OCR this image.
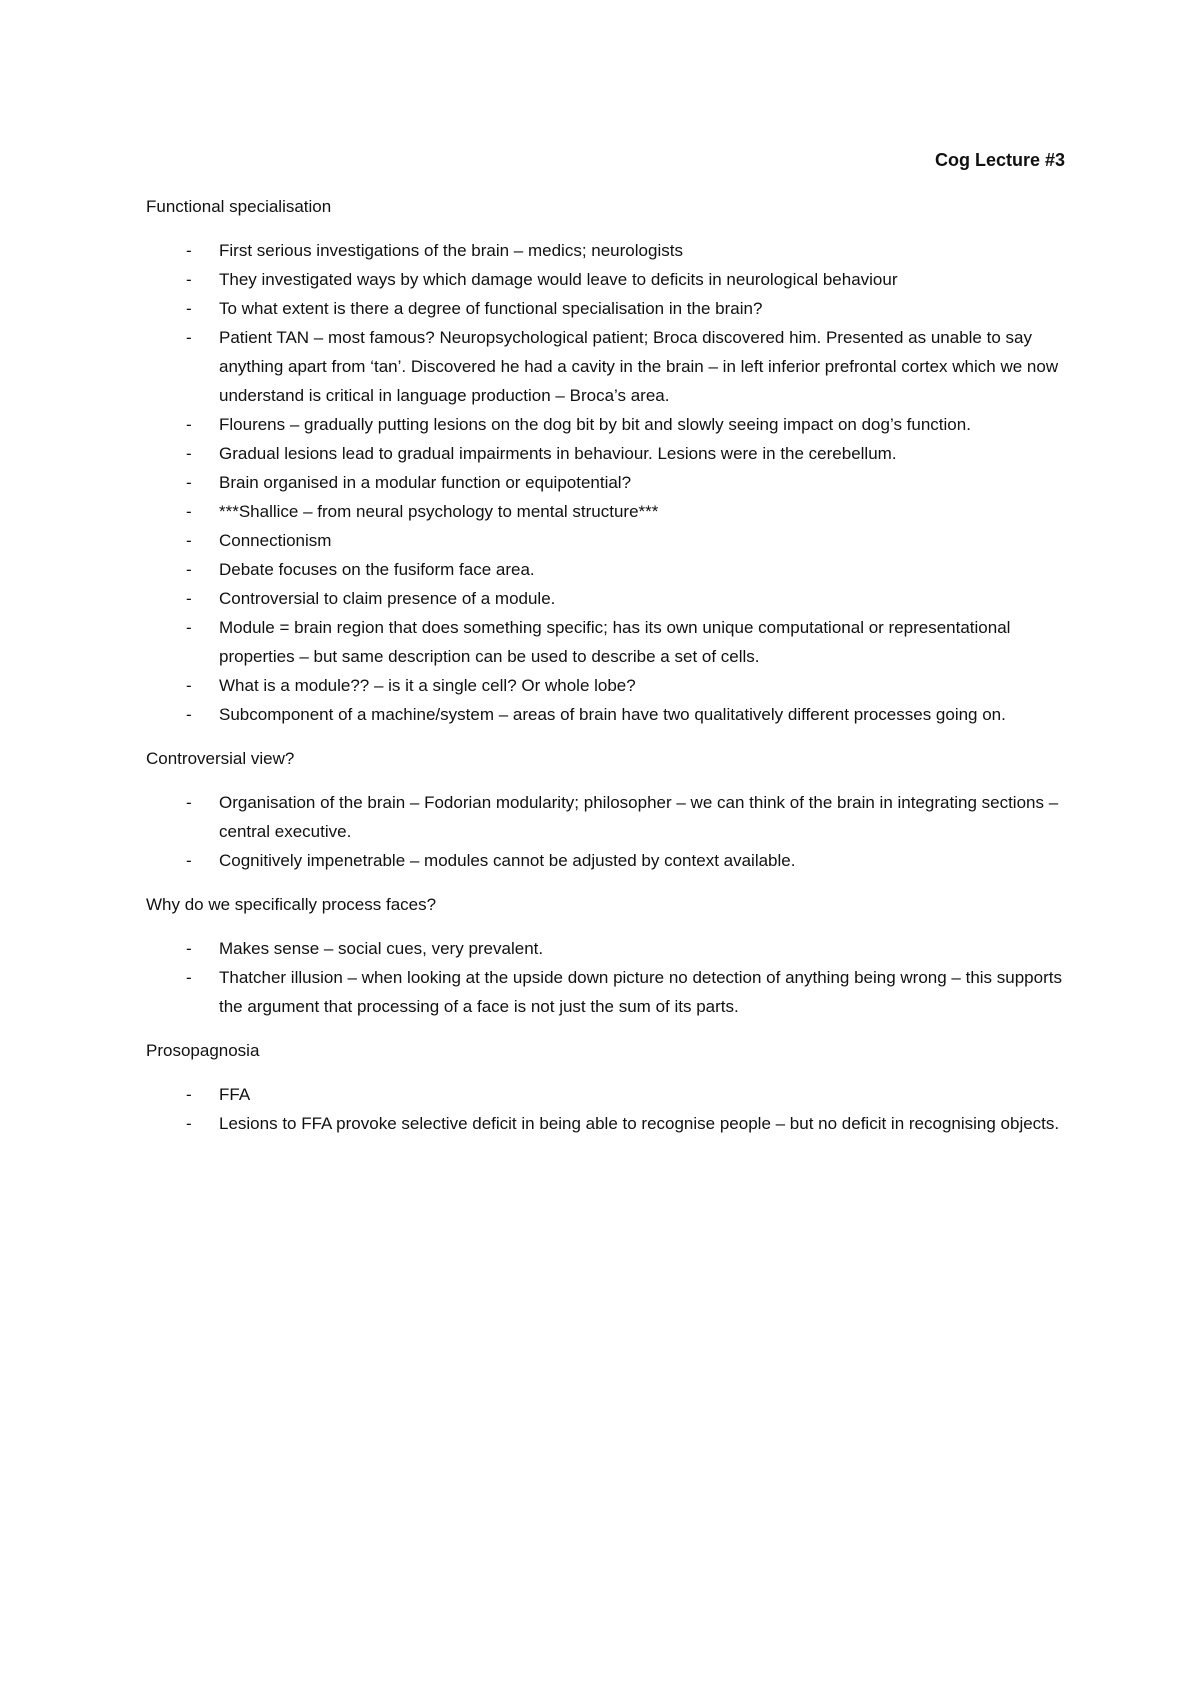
Cog Lecture #3
Functional specialisation
- First serious investigations of the brain – medics; neurologists
- They investigated ways by which damage would leave to deficits in neurological behaviour
- To what extent is there a degree of functional specialisation in the brain?
- Patient TAN – most famous? Neuropsychological patient; Broca discovered him. Presented as unable to say anything apart from ‘tan’. Discovered he had a cavity in the brain – in left inferior prefrontal cortex which we now understand is critical in language production – Broca’s area.
- Flourens – gradually putting lesions on the dog bit by bit and slowly seeing impact on dog’s function.
- Gradual lesions lead to gradual impairments in behaviour. Lesions were in the cerebellum.
- Brain organised in a modular function or equipotential?
- ***Shallice – from neural psychology to mental structure***
- Connectionism
- Debate focuses on the fusiform face area.
- Controversial to claim presence of a module.
- Module = brain region that does something specific; has its own unique computational or representational properties – but same description can be used to describe a set of cells.
- What is a module?? – is it a single cell? Or whole lobe?
- Subcomponent of a machine/system – areas of brain have two qualitatively different processes going on.
Controversial view?
- Organisation of the brain – Fodorian modularity; philosopher – we can think of the brain in integrating sections – central executive.
- Cognitively impenetrable – modules cannot be adjusted by context available.
Why do we specifically process faces?
- Makes sense – social cues, very prevalent.
- Thatcher illusion – when looking at the upside down picture no detection of anything being wrong – this supports the argument that processing of a face is not just the sum of its parts.
Prosopagnosia
- FFA
- Lesions to FFA provoke selective deficit in being able to recognise people – but no deficit in recognising objects.
